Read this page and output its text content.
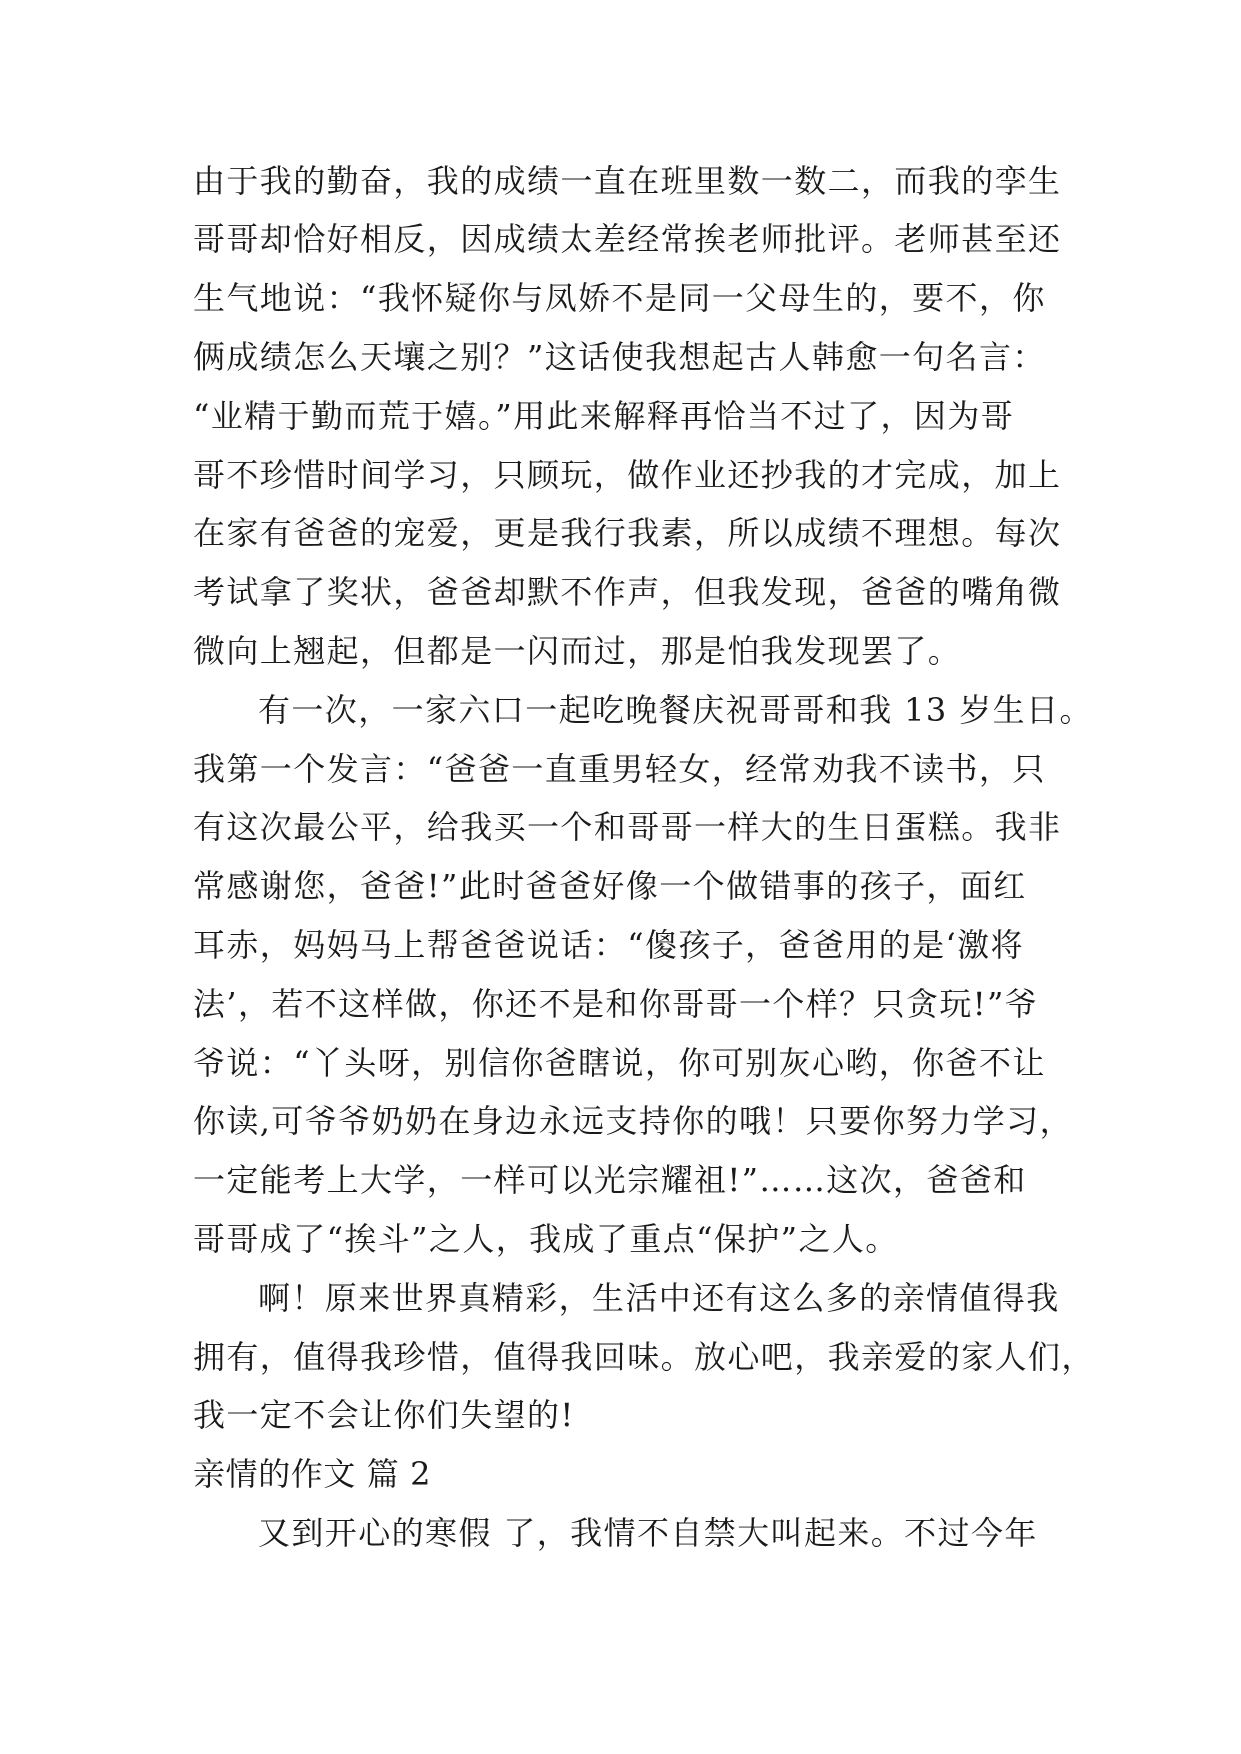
由于我的勤奋，我的成绩一直在班里数一数二，而我的孪生
哥哥却恰好相反，因成绩太差经常挨老师批评。老师甚至还
生气地说：“我怀疑你与凤娇不是同一父母生的，要不，你
俩成绩怎么天壤之别？”这话使我想起古人韩愈一句名言：
“业精于勤而荒于嬉。”用此来解释再恰当不过了，因为哥
哥不珍惜时间学习，只顾玩，做作业还抄我的才完成，加上
在家有爸爸的宠爱，更是我行我素，所以成绩不理想。每次
考试拿了奖状，爸爸却默不作声，但我发现，爸爸的嘴角微
微向上翘起，但都是一闪而过，那是怕我发现罢了。
有一次，一家六口一起吃晚餐庆祝哥哥和我 13 岁生日。
我第一个发言：“爸爸一直重男轻女，经常劝我不读书，只
有这次最公平，给我买一个和哥哥一样大的生日蛋糕。我非
常感谢您，爸爸!”此时爸爸好像一个做错事的孩子，面红
耳赤，妈妈马上帮爸爸说话：“傻孩子，爸爸用的是‘激将
法’，若不这样做，你还不是和你哥哥一个样？只贪玩!”爷
爷说：“丫头呀，别信你爸瞎说，你可别灰心哟，你爸不让
你读,可爷爷奶奶在身边永远支持你的哦！只要你努力学习，
一定能考上大学，一样可以光宗耀祖!”……这次，爸爸和
哥哥成了“挨斗”之人，我成了重点“保护”之人。
啊！原来世界真精彩，生活中还有这么多的亲情值得我
拥有，值得我珍惜，值得我回味。放心吧，我亲爱的家人们，
我一定不会让你们失望的!
亲情的作文 篇 2
又到开心的寒假 了，我情不自禁大叫起来。不过今年
